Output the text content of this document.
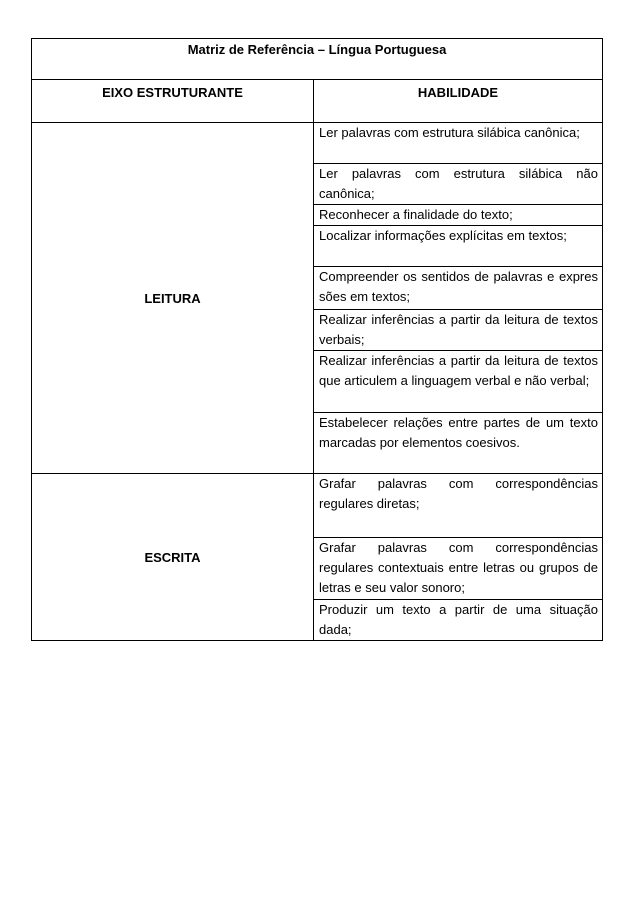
Matriz de Referência – Língua Portuguesa	

EIXO ESTRUTURANTE	HABILIDADE

LEITURA	Ler palavras com estrutura silábica canônica;
	Ler palavras com estrutura silábica não canônica;
	Reconhecer a finalidade do texto;
	Localizar informações explícitas em textos;
	Compreender os sentidos de palavras e expres sões em textos;
	Realizar inferências a partir da leitura de textos verbais;
	Realizar inferências a partir da leitura de textos que articulem a linguagem verbal e não verbal;
	Estabelecer relações entre partes de um texto marcadas por elementos coesivos.
ESCRITA	Grafar palavras com correspondências regulares diretas;
	Grafar palavras com correspondências regulares contextuais entre letras ou grupos de letras e seu valor sonoro;
	Produzir um texto a partir de uma situação dada;
